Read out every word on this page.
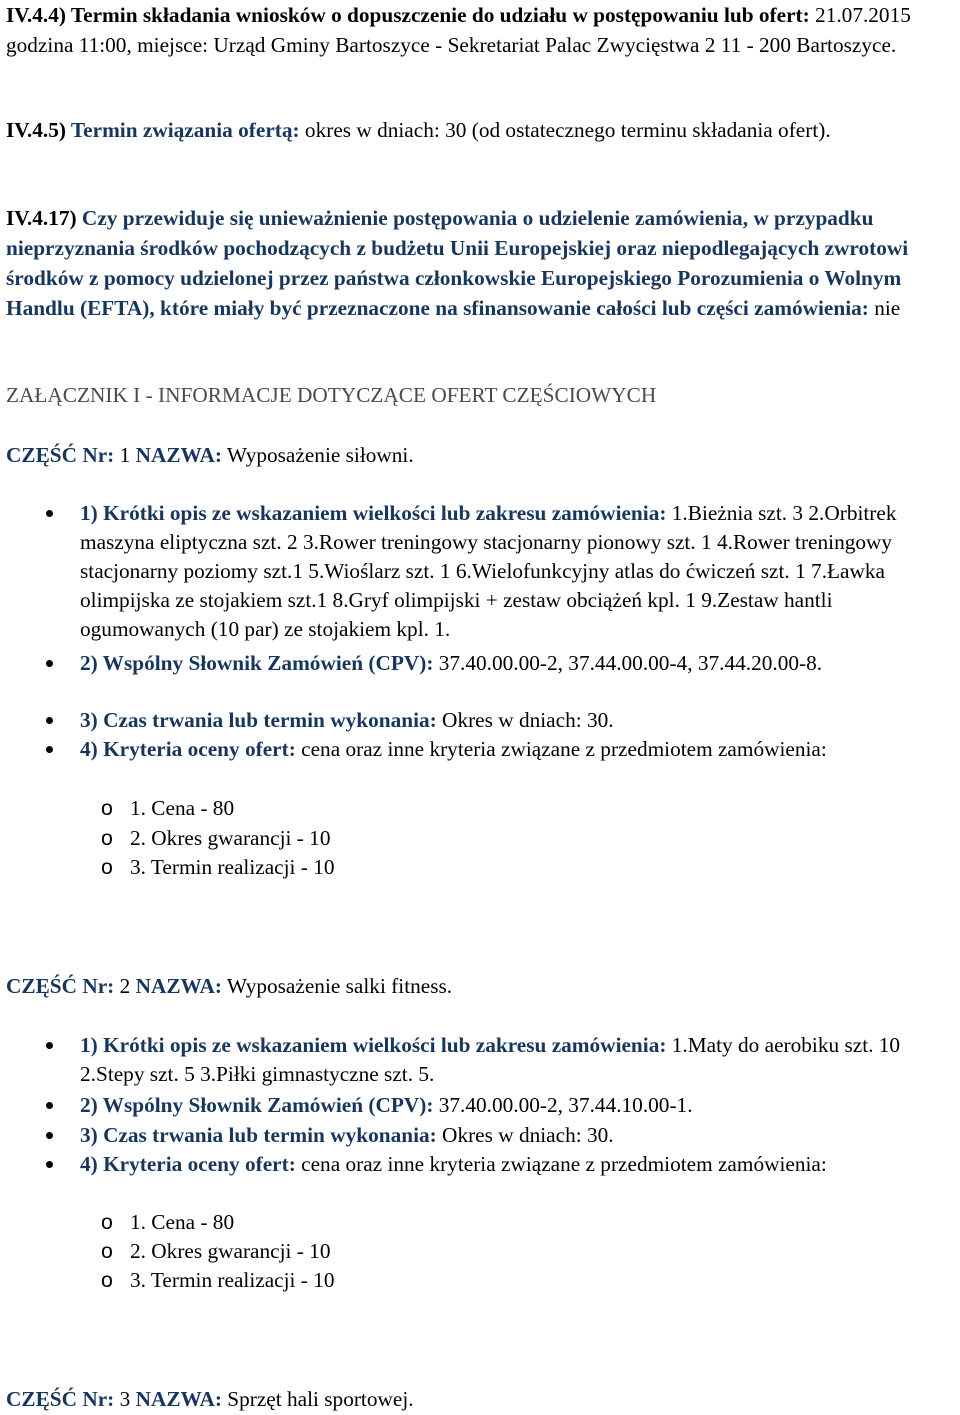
IV.4.4) Termin składania wniosków o dopuszczenie do udziału w postępowaniu lub ofert: 21.07.2015 godzina 11:00, miejsce: Urząd Gminy Bartoszyce - Sekretariat Palac Zwycięstwa 2 11 - 200 Bartoszyce.
IV.4.5) Termin związania ofertą: okres w dniach: 30 (od ostatecznego terminu składania ofert).
IV.4.17) Czy przewiduje się unieważnienie postępowania o udzielenie zamówienia, w przypadku nieprzyznania środków pochodzących z budżetu Unii Europejskiej oraz niepodlegających zwrotowi środków z pomocy udzielonej przez państwa członkowskie Europejskiego Porozumienia o Wolnym Handlu (EFTA), które miały być przeznaczone na sfinansowanie całości lub części zamówienia: nie
ZAŁĄCZNIK I - INFORMACJE DOTYCZĄCE OFERT CZĘŚCIOWYCH
CZĘŚĆ Nr: 1 NAZWA: Wyposażenie siłowni.
1) Krótki opis ze wskazaniem wielkości lub zakresu zamówienia: 1.Bieżnia szt. 3 2.Orbitrek maszyna eliptyczna szt. 2 3.Rower treningowy stacjonarny pionowy szt. 1 4.Rower treningowy stacjonarny poziomy szt.1 5.Wioślarz szt. 1 6.Wielofunkcyjny atlas do ćwiczeń szt. 1 7.Ławka olimpijska ze stojakiem szt.1 8.Gryf olimpijski + zestaw obciążeń kpl. 1 9.Zestaw hantli ogumowanych (10 par) ze stojakiem kpl. 1.
2) Wspólny Słownik Zamówień (CPV): 37.40.00.00-2, 37.44.00.00-4, 37.44.20.00-8.
3) Czas trwania lub termin wykonania: Okres w dniach: 30.
4) Kryteria oceny ofert: cena oraz inne kryteria związane z przedmiotem zamówienia:
o 1. Cena - 80
o 2. Okres gwarancji - 10
o 3. Termin realizacji - 10
CZĘŚĆ Nr: 2 NAZWA: Wyposażenie salki fitness.
1) Krótki opis ze wskazaniem wielkości lub zakresu zamówienia: 1.Maty do aerobiku szt. 10 2.Stepy szt. 5 3.Piłki gimnastyczne szt. 5.
2) Wspólny Słownik Zamówień (CPV): 37.40.00.00-2, 37.44.10.00-1.
3) Czas trwania lub termin wykonania: Okres w dniach: 30.
4) Kryteria oceny ofert: cena oraz inne kryteria związane z przedmiotem zamówienia:
o 1. Cena - 80
o 2. Okres gwarancji - 10
o 3. Termin realizacji - 10
CZĘŚĆ Nr: 3 NAZWA: Sprzęt hali sportowej.
